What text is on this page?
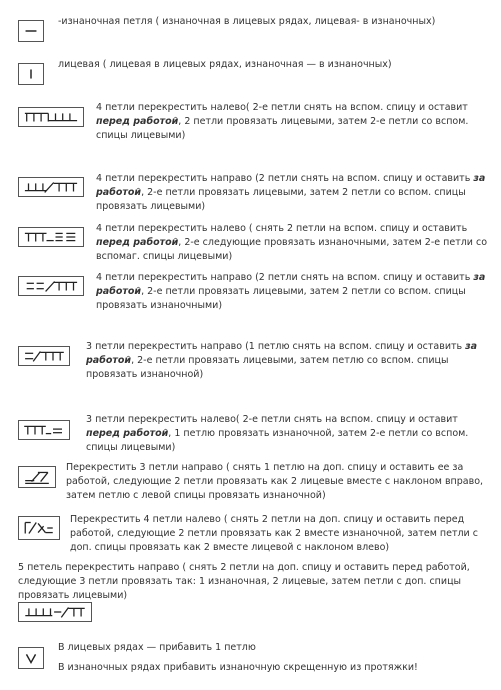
-изнаночная петля ( изнаночная в лицевых рядах, лицевая- в изнаночных)
лицевая ( лицевая в лицевых рядах, изнаночная — в изнаночных)
4 петли перекрестить налево( 2-е петли снять на вспом. спицу и оставит перед работой, 2 петли провязать лицевыми, затем 2-е петли со вспом. спицы лицевыми)
4 петли перекрестить направо (2 петли снять на вспом. спицу и оставить за работой, 2-е петли провязать лицевыми, затем 2 петли со вспом. спицы провязать лицевыми)
4 петли перекрестить налево ( снять 2 петли на вспом. спицу и оставить перед работой, 2-е следующие провязать изнаночными, затем 2-е петли со вспомаг. спицы лицевыми)
4 петли перекрестить направо (2 петли снять на вспом. спицу и оставить за работой, 2-е петли провязать лицевыми, затем 2 петли со вспом. спицы провязать изнаночными)
3 петли перекрестить направо (1 петлю снять на вспом. спицу и оставить за работой, 2-е петли провязать лицевыми, затем петлю со вспом. спицы провязать изнаночной)
3 петли перекрестить налево( 2-е петли снять на вспом. спицу и оставит перед работой, 1 петлю провязать изнаночной, затем 2-е петли со вспом. спицы лицевыми)
Перекрестить 3 петли направо ( снять 1 петлю на доп. спицу и оставить ее за работой, следующие 2 петли провязать как 2 лицевые вместе с наклоном вправо, затем петлю с левой спицы провязать изнаночной)
Перекрестить 4 петли налево ( снять 2 петли на доп. спицу и оставить перед работой, следующие 2 петли провязать как 2 вместе изнаночной, затем петли с доп. спицы провязать как 2 вместе лицевой с наклоном влево)
5 петель перекрестить направо ( снять 2 петли на доп. спицу и оставить перед работой, следующие 3 петли провязать так: 1 изнаночная, 2 лицевые, затем петли с доп. спицы провязать лицевыми)
В лицевых рядах — прибавить 1 петлю
В изнаночных рядах прибавить изнаночную скрещенную из протяжки!
